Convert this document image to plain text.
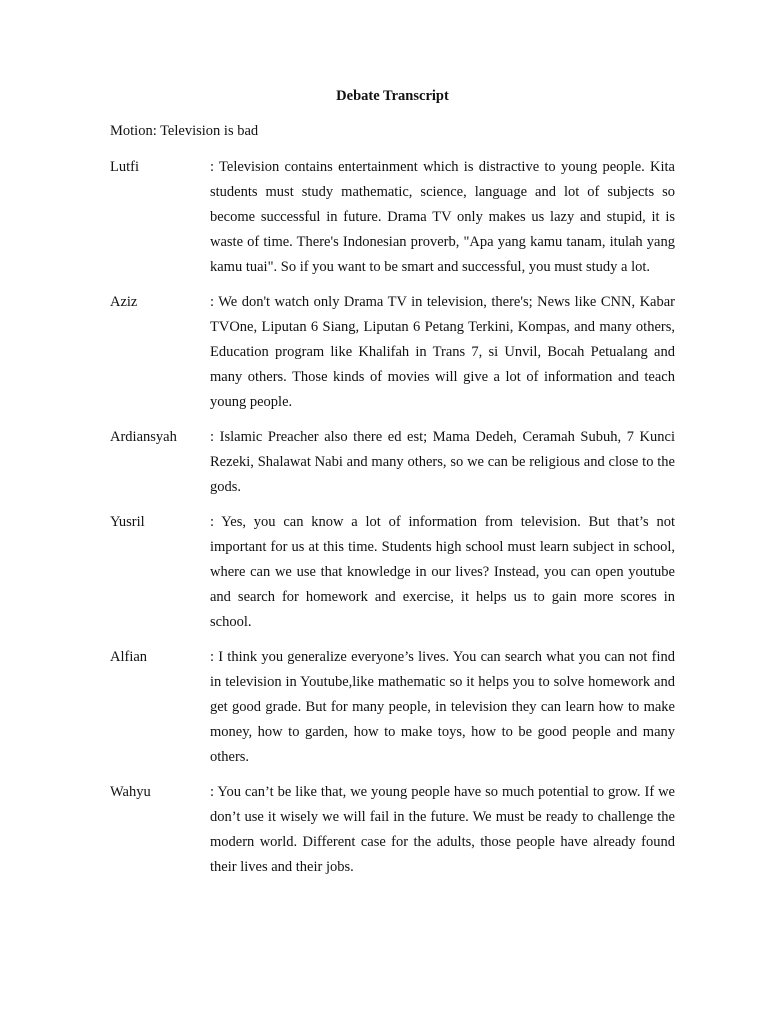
Debate Transcript
Motion: Television is bad
Lutfi	: Television contains entertainment which is distractive to young people. Kita students must study mathematic, science, language and lot of subjects so become successful in future. Drama TV only makes us lazy and stupid, it is waste of time. There's Indonesian proverb, "Apa yang kamu tanam, itulah yang kamu tuai". So if you want to be smart and successful, you must study a lot.
Aziz	: We don't watch only Drama TV in television, there's; News like CNN, Kabar TVOne, Liputan 6 Siang, Liputan 6 Petang Terkini, Kompas, and many others, Education program like Khalifah in Trans 7, si Unvil, Bocah Petualang and many others. Those kinds of movies will give a lot of information and teach young people.
Ardiansyah	: Islamic Preacher also there ed est; Mama Dedeh, Ceramah Subuh, 7 Kunci Rezeki, Shalawat Nabi and many others, so we can be religious and close to the gods.
Yusril	: Yes, you can know a lot of information from television. But that’s not important for us at this time. Students high school must learn subject in school, where can we use that knowledge in our lives? Instead, you can open youtube and search for homework and exercise, it helps us to gain more scores in school.
Alfian	: I think you generalize everyone’s lives. You can search what you can not find in television in Youtube,like mathematic so it helps you to solve homework and get good grade. But for many people, in television they can learn how to make money, how to garden, how to make toys, how to be good people and many others.
Wahyu	: You can’t be like that, we young people have so much potential to grow. If we don’t use it wisely we will fail in the future. We must be ready to challenge the modern world. Different case for the adults, those people have already found their lives and their jobs.
